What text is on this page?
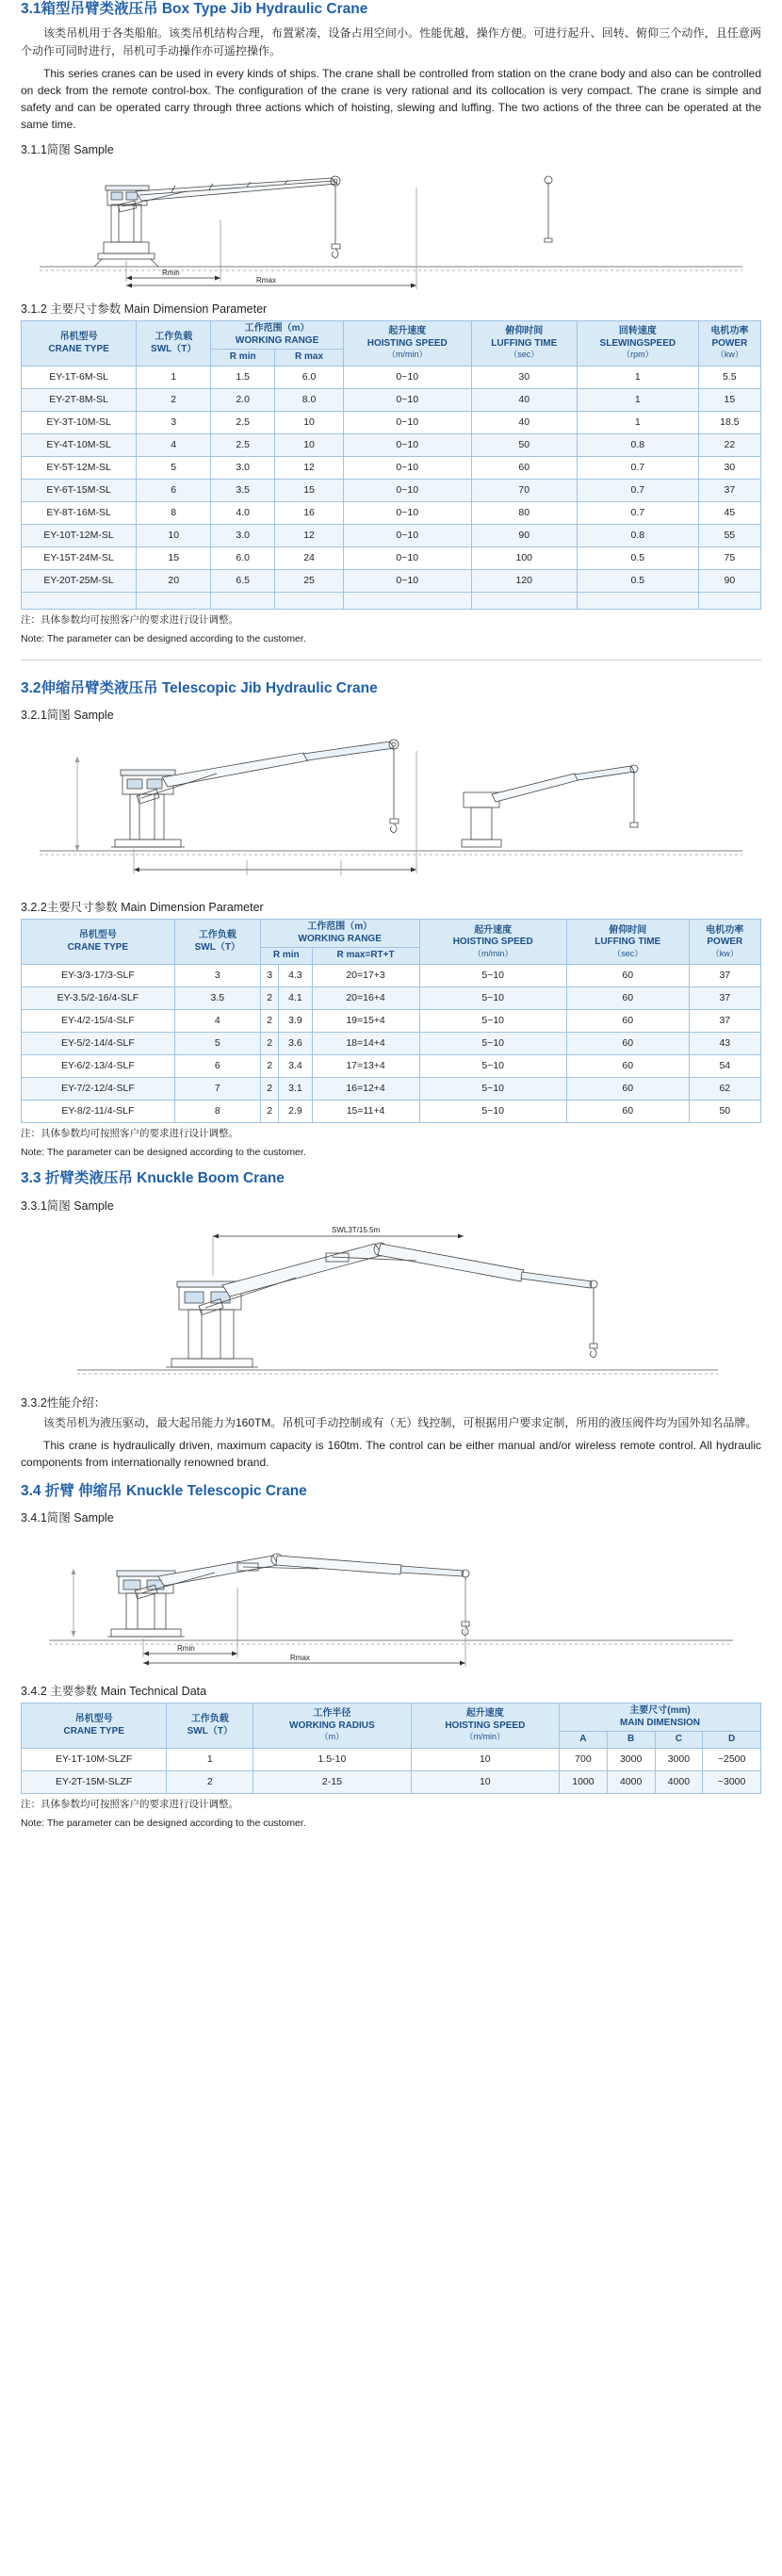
3.1箱型吊臂类液压吊 Box Type Jib Hydraulic Crane

该类吊机用于各类船舶。该类吊机结构合理，布置紧凑，设备占用空间小。性能优越，操作方便。可进行起升、回转、俯仰三个动作，且任意两个动作可同时进行，吊机可手动操作亦可遥控操作。

This series cranes can be used in every kinds of ships. The crane shall be controlled from station on the crane body and also can be controlled on deck from the remote control-box. The configuration of the crane is very rational and its collocation is very compact. The crane is simple and safety and can be operated carry through three actions which of hoisting, slewing and luffing. The two actions of the three can be operated at the same time.

3.1.1简图 Sample
Rmin
Rmax
3.1.2 主要尺寸参数 Main Dimension Parameter
吊机型号
CRANE TYPE	工作负载
SWL（T）	工作范围（m）
WORKING RANGE		起升速度
HOISTING SPEED
（m/min）	俯仰时间
LUFFING TIME
（sec）	回转速度
SLEWINGSPEED
（rpm）	电机功率
POWER
（kw）

		R min	R max				
EY-1T-6M-SL	1	1.5	6.0	0~10	30	1	5.5
EY-2T-8M-SL	2	2.0	8.0	0~10	40	1	15
EY-3T-10M-SL	3	2.5	10	0~10	40	1	18.5
EY-4T-10M-SL	4	2.5	10	0~10	50	0.8	22
EY-5T-12M-SL	5	3.0	12	0~10	60	0.7	30
EY-6T-15M-SL	6	3.5	15	0~10	70	0.7	37
EY-8T-16M-SL	8	4.0	16	0~10	80	0.7	45
EY-10T-12M-SL	10	3.0	12	0~10	90	0.8	55
EY-15T-24M-SL	15	6.0	24	0~10	100	0.5	75
EY-20T-25M-SL	20	6.5	25	0~10	120	0.5	90

注：具体参数均可按照客户的要求进行设计调整。

Note: The parameter can be designed according to the customer.

3.2伸缩吊臂类液压吊 Telescopic Jib Hydraulic Crane
3.2.1简图 Sample
3.2.2主要尺寸参数 Main Dimension Parameter
吊机型号
CRANE TYPE	工作负载
SWL（T）	工作范围（m）
WORKING RANGE			起升速度
HOISTING SPEED
（m/min）	俯仰时间
LUFFING TIME
（sec）	电机功率
POWER
（kw）

		R min		R max=RT+T			
EY-3/3-17/3-SLF	3	3	4.3	20=17+3	5~10	60	37
EY-3.5/2-16/4-SLF	3.5	2	4.1	20=16+4	5~10	60	37
EY-4/2-15/4-SLF	4	2	3.9	19=15+4	5~10	60	37
EY-5/2-14/4-SLF	5	2	3.6	18=14+4	5~10	60	43
EY-6/2-13/4-SLF	6	2	3.4	17=13+4	5~10	60	54
EY-7/2-12/4-SLF	7	2	3.1	16=12+4	5~10	60	62
EY-8/2-11/4-SLF	8	2	2.9	15=11+4	5~10	60	50

注：具体参数均可按照客户的要求进行设计调整。

Note: The parameter can be designed according to the customer.

3.3 折臂类液压吊 Knuckle Boom Crane
3.3.1简图 Sample
SWL3T/15.5m
3.3.2性能介绍：

该类吊机为液压驱动，最大起吊能力为160TM。吊机可手动控制或有（无）线控制，可根据用户要求定制，所用的液压阀件均为国外知名品牌。

This crane is hydraulically driven, maximum capacity is 160tm. The control can be either manual and/or wireless remote control. All hydraulic components from internationally renowned brand.

3.4 折臂 伸缩吊 Knuckle Telescopic Crane
3.4.1简图 Sample
Rmin
Rmax
3.4.2 主要参数 Main Technical Data
吊机型号
CRANE TYPE	工作负载
SWL（T）	工作半径
WORKING RADIUS
（m）	起升速度
HOISTING SPEED
（m/min）	主要尺寸(mm)
MAIN DIMENSION			

				A	B	C	D
EY-1T-10M-SLZF	1	1.5-10	10	700	3000	3000	~2500
EY-2T-15M-SLZF	2	2-15	10	1000	4000	4000	~3000

注：具体参数均可按照客户的要求进行设计调整。

Note: The parameter can be designed according to the customer.
